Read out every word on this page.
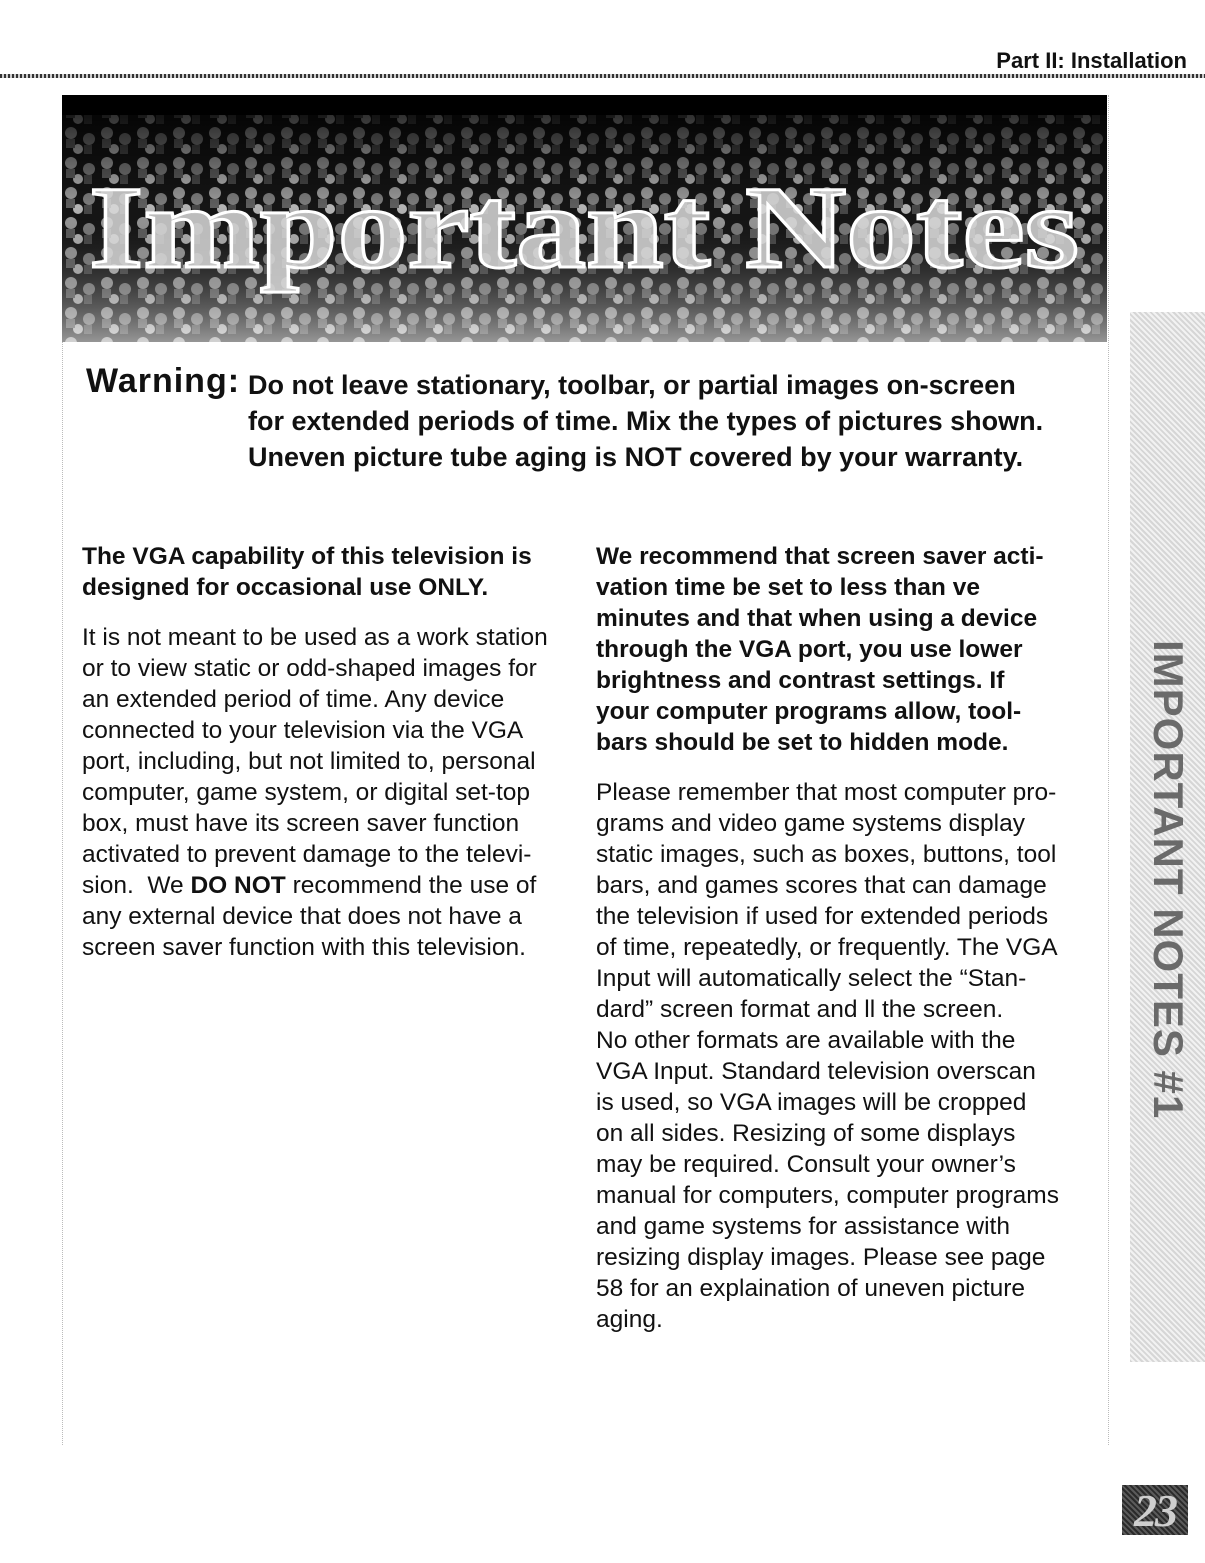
Part II: Installation
Important Notes
Warning: Do not leave stationary, toolbar, or partial images on-screen
for extended periods of time. Mix the types of pictures shown.
Uneven picture tube aging is NOT covered by your warranty.
The VGA capability of this television is
designed for occasional use ONLY.
It is not meant to be used as a work station
or to view static or odd-shaped images for
an extended period of time. Any device
connected to your television via the VGA
port, including, but not limited to, personal
computer, game system, or digital set-top
box, must have its screen saver function
activated to prevent damage to the televi-
sion.  We DO NOT recommend the use of
any external device that does not have a
screen saver function with this television.
We recommend that screen saver acti-
vation time be set to less than ve
minutes and that when using a device
through the VGA port, you use lower
brightness and contrast settings. If
your computer programs allow, tool-
bars should be set to hidden mode.
Please remember that most computer pro-
grams and video game systems display
static images, such as boxes, buttons, tool
bars, and games scores that can damage
the television if used for extended periods
of time, repeatedly, or frequently. The VGA
Input will automatically select the “Stan-
dard” screen format and ll the screen.
No other formats are available with the
VGA Input. Standard television overscan
is used, so VGA images will be cropped
on all sides. Resizing of some displays
may be required. Consult your owner’s
manual for computers, computer programs
and game systems for assistance with
resizing display images. Please see page
58 for an explaination of uneven picture
aging.
IMPORTANT NOTES #1
23
